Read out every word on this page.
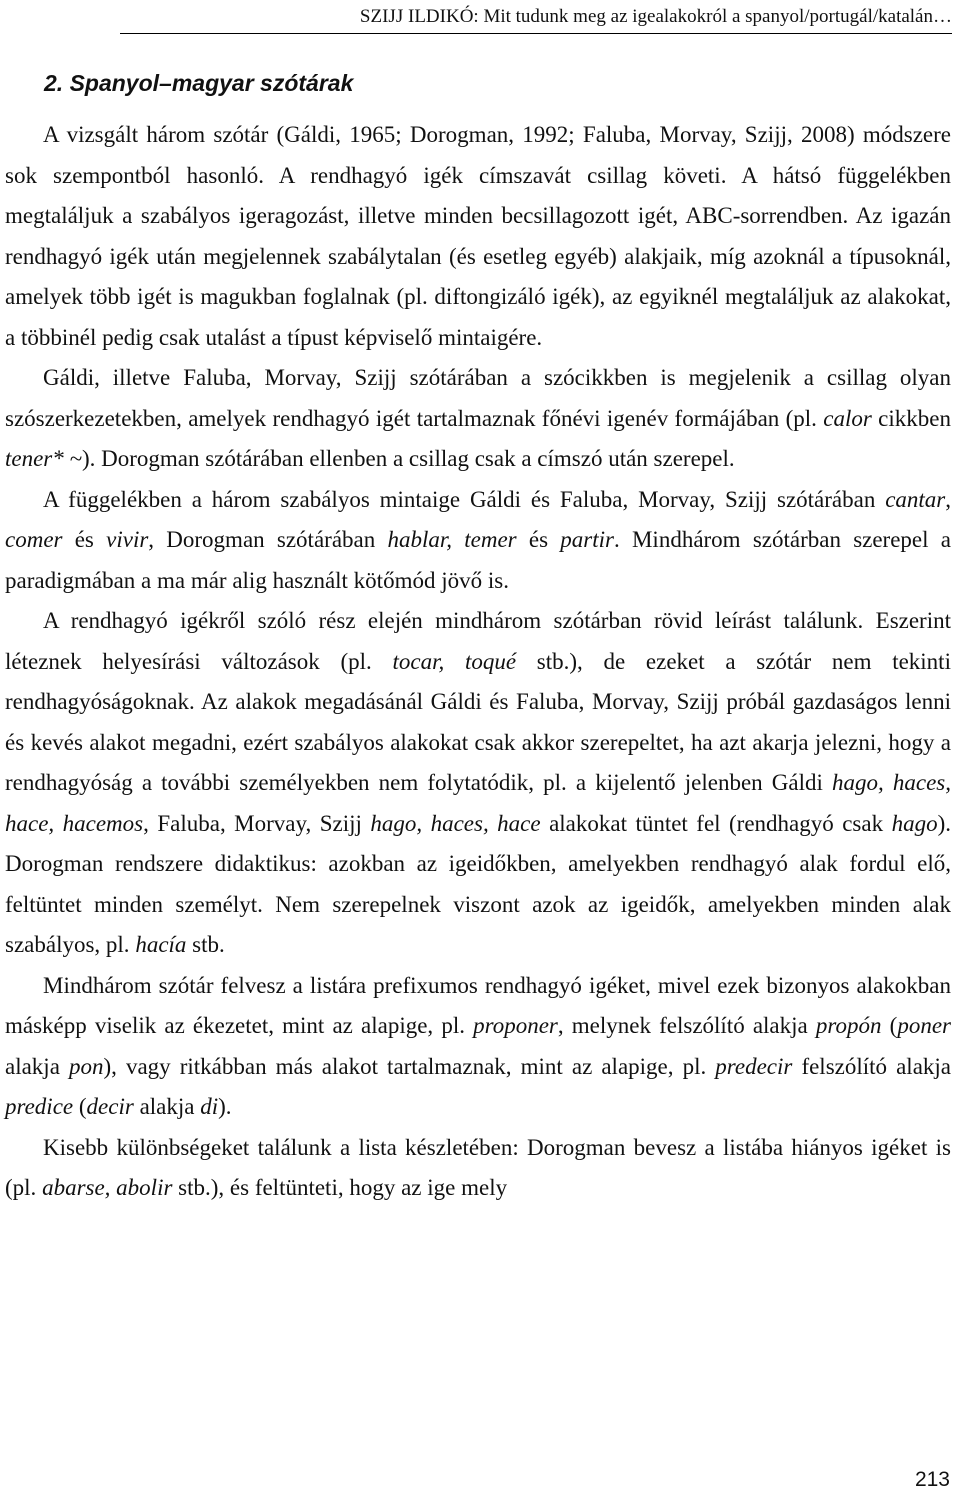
SZIJJ ILDIKÓ: Mit tudunk meg az igealakokról a spanyol/portugál/katalán…
2. Spanyol–magyar szótárak

A vizsgált három szótár (Gáldi, 1965; Dorogman, 1992; Faluba, Morvay, Szijj, 2008) módszere sok szempontból hasonló. A rendhagyó igék címszavát csillag követi. A hátsó függelékben megtaláljuk a szabályos igeragozást, illetve minden becsillagozott igét, ABC-sorrendben. Az igazán rendhagyó igék után megjelennek szabálytalan (és esetleg egyéb) alakjaik, míg azoknál a típusoknál, amelyek több igét is magukban foglalnak (pl. diftongizáló igék), az egyiknél megtaláljuk az alakokat, a többinél pedig csak utalást a típust képviselő mintaigére.

Gáldi, illetve Faluba, Morvay, Szijj szótárában a szócikkben is megjelenik a csillag olyan szószerkezetekben, amelyek rendhagyó igét tartalmaznak főnévi igenév formájában (pl. calor cikkben tener* ~). Dorogman szótárában ellenben a csillag csak a címszó után szerepel.

A függelékben a három szabályos mintaige Gáldi és Faluba, Morvay, Szijj szótárában cantar, comer és vivir, Dorogman szótárában hablar, temer és partir. Mindhárom szótárban szerepel a paradigmában a ma már alig használt kötőmód jövő is.

A rendhagyó igékről szóló rész elején mindhárom szótárban rövid leírást találunk. Eszerint léteznek helyesírási változások (pl. tocar, toqué stb.), de ezeket a szótár nem tekinti rendhagyóságoknak. Az alakok megadásánál Gáldi és Faluba, Morvay, Szijj próbál gazdaságos lenni és kevés alakot megadni, ezért szabályos alakokat csak akkor szerepeltet, ha azt akarja jelezni, hogy a rendhagyóság a további személyekben nem folytatódik, pl. a kijelentő jelenben Gáldi hago, haces, hace, hacemos, Faluba, Morvay, Szijj hago, haces, hace alakokat tüntet fel (rendhagyó csak hago). Dorogman rendszere didaktikus: azokban az igeidőkben, amelyekben rendhagyó alak fordul elő, feltüntet minden személyt. Nem szerepelnek viszont azok az igeidők, amelyekben minden alak szabályos, pl. hacía stb.

Mindhárom szótár felvesz a listára prefixumos rendhagyó igéket, mivel ezek bizonyos alakokban másképp viselik az ékezetet, mint az alapige, pl. proponer, melynek felszólító alakja propón (poner alakja pon), vagy ritkábban más alakot tartalmaznak, mint az alapige, pl. predecir felszólító alakja predice (decir alakja di).

Kisebb különbségeket találunk a lista készletében: Dorogman bevesz a listába hiányos igéket is (pl. abarse, abolir stb.), és feltünteti, hogy az ige mely

213
